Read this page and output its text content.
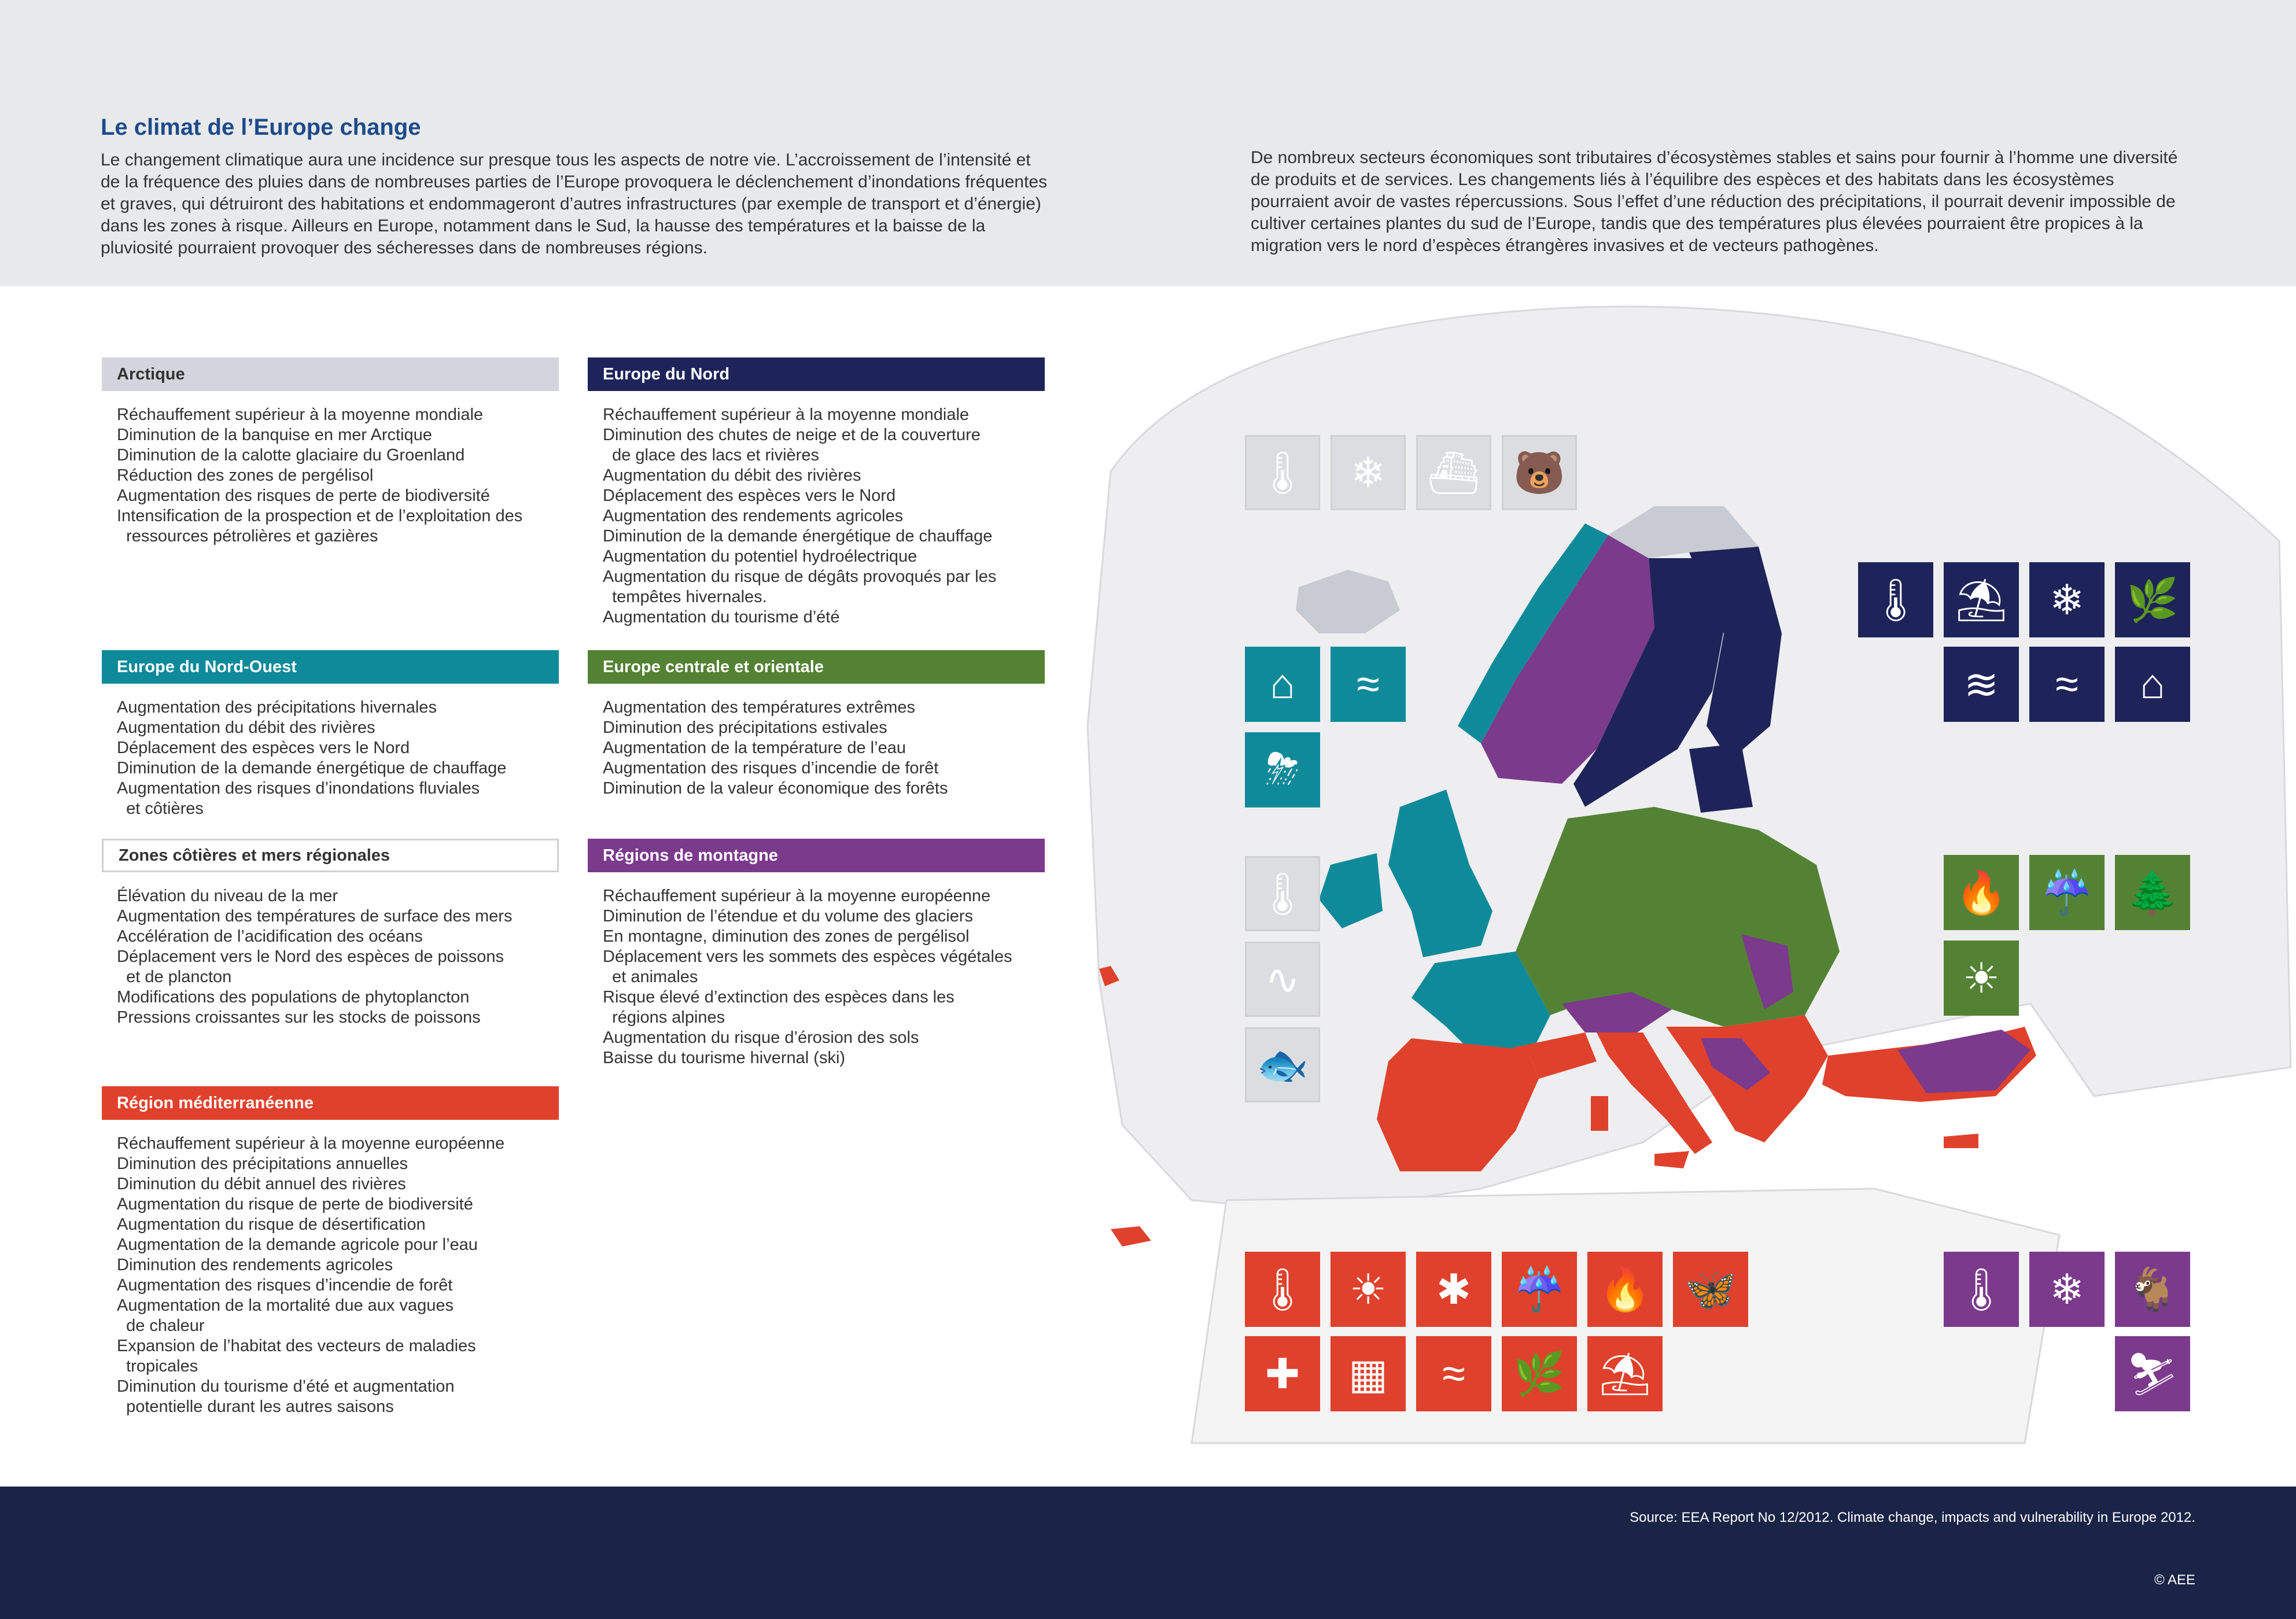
Le climat de l’Europe change

Le changement climatique aura une incidence sur presque tous les aspects de notre vie. L’accroissement de l’intensité et de la fréquence des pluies dans de nombreuses parties de l’Europe provoquera le déclenchement d’inondations fréquentes et graves, qui détruiront des habitations et endommageront d’autres infrastructures (par exemple de transport et d’énergie) dans les zones à risque. Ailleurs en Europe, notamment dans le Sud, la hausse des températures et la baisse de la pluviosité pourraient provoquer des sécheresses dans de nombreuses régions.

De nombreux secteurs économiques sont tributaires d’écosystèmes stables et sains pour fournir à l’homme une diversité de produits et de services. Les changements liés à l’équilibre des espèces et des habitats dans les écosystèmes pourraient avoir de vastes répercussions. Sous l’effet d’une réduction des précipitations, il pourrait devenir impossible de cultiver certaines plantes du sud de l’Europe, tandis que des températures plus élevées pourraient être propices à la migration vers le nord d’espèces étrangères invasives et de vecteurs pathogènes.

Arctique
Réchauffement supérieur à la moyenne mondiale
Diminution de la banquise en mer Arctique
Diminution de la calotte glaciaire du Groenland
Réduction des zones de pergélisol
Augmentation des risques de perte de biodiversité
Intensification de la prospection et de l’exploitation des
ressources pétrolières et gazières
Europe du Nord
Réchauffement supérieur à la moyenne mondiale
Diminution des chutes de neige et de la couverture
de glace des lacs et rivières
Augmentation du débit des rivières
Déplacement des espèces vers le Nord
Augmentation des rendements agricoles
Diminution de la demande énergétique de chauffage
Augmentation du potentiel hydroélectrique
Augmentation du risque de dégâts provoqués par les
tempêtes hivernales.
Augmentation du tourisme d’été
Europe du Nord-Ouest
Augmentation des précipitations hivernales
Augmentation du débit des rivières
Déplacement des espèces vers le Nord
Diminution de la demande énergétique de chauffage
Augmentation des risques d’inondations fluviales
et côtières
Europe centrale et orientale
Augmentation des températures extrêmes
Diminution des précipitations estivales
Augmentation de la température de l’eau
Augmentation des risques d’incendie de forêt
Diminution de la valeur économique des forêts
Zones côtières et mers régionales
Élévation du niveau de la mer
Augmentation des températures de surface des mers
Accélération de l’acidification des océans
Déplacement vers le Nord des espèces de poissons
et de plancton
Modifications des populations de phytoplancton
Pressions croissantes sur les stocks de poissons
Régions de montagne
Réchauffement supérieur à la moyenne européenne
Diminution de l’étendue et du volume des glaciers
En montagne, diminution des zones de pergélisol
Déplacement vers les sommets des espèces végétales
et animales
Risque élevé d’extinction des espèces dans les
régions alpines
Augmentation du risque d’érosion des sols
Baisse du tourisme hivernal (ski)
Région méditerranéenne
Réchauffement supérieur à la moyenne européenne
Diminution des précipitations annuelles
Diminution du débit annuel des rivières
Augmentation du risque de perte de biodiversité
Augmentation du risque de désertification
Augmentation de la demande agricole pour l’eau
Diminution des rendements agricoles
Augmentation des risques d’incendie de forêt
Augmentation de la mortalité due aux vagues
de chaleur
Expansion de l’habitat des vecteurs de maladies
tropicales
Diminution du tourisme d’été et augmentation
potentielle durant les autres saisons
🌡	❄	⛴ 🐻
🌡 ⛱	❄	🌿
≋	≈	⌂
⌂	≈
⛈
🌡
∿
🐟
🔥 ☔ 🌲
☀
🌡 ☀	✱	☔ 🔥 🦋
✚	▦	≈	🌿 ⛱
🌡	❄	🐐
⛷
Source: EEA Report No 12/2012. Climate change, impacts and vulnerability in Europe 2012.
© AEE
